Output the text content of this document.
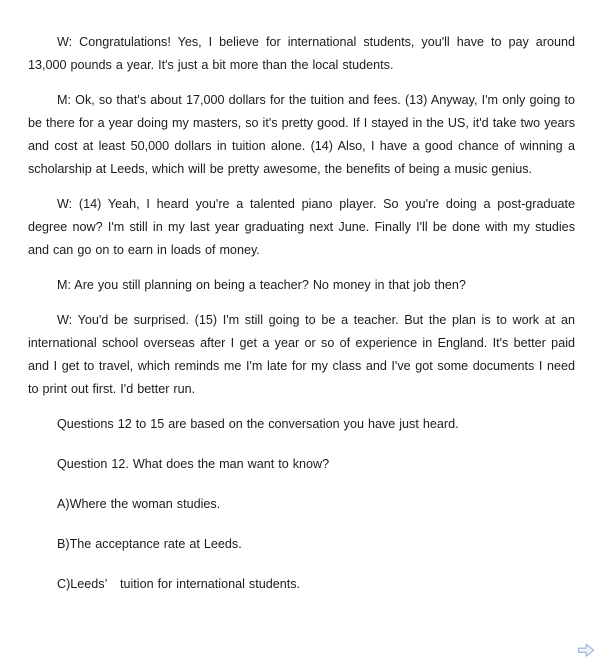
W: Congratulations! Yes, I believe for international students, you'll have to pay around 13,000 pounds a year. It's just a bit more than the local students.

M: Ok, so that's about 17,000 dollars for the tuition and fees. (13) Anyway, I'm only going to be there for a year doing my masters, so it's pretty good. If I stayed in the US, it'd take two years and cost at least 50,000 dollars in tuition alone. (14) Also, I have a good chance of winning a scholarship at Leeds, which will be pretty awesome, the benefits of being a music genius.

W: (14) Yeah, I heard you're a talented piano player. So you're doing a post-graduate degree now? I'm still in my last year graduating next June. Finally I'll be done with my studies and can go on to earn in loads of money.

M: Are you still planning on being a teacher? No money in that job then?

W: You'd be surprised. (15) I'm still going to be a teacher. But the plan is to work at an international school overseas after I get a year or so of experience in England. It's better paid and I get to travel, which reminds me I'm late for my class and I've got some documents I need to print out first. I'd better run.

Questions 12 to 15 are based on the conversation you have just heard.

Question 12. What does the man want to know?

A)Where the woman studies.

B)The acceptance rate at Leeds.

C)Leeds’ tuition for international students.
